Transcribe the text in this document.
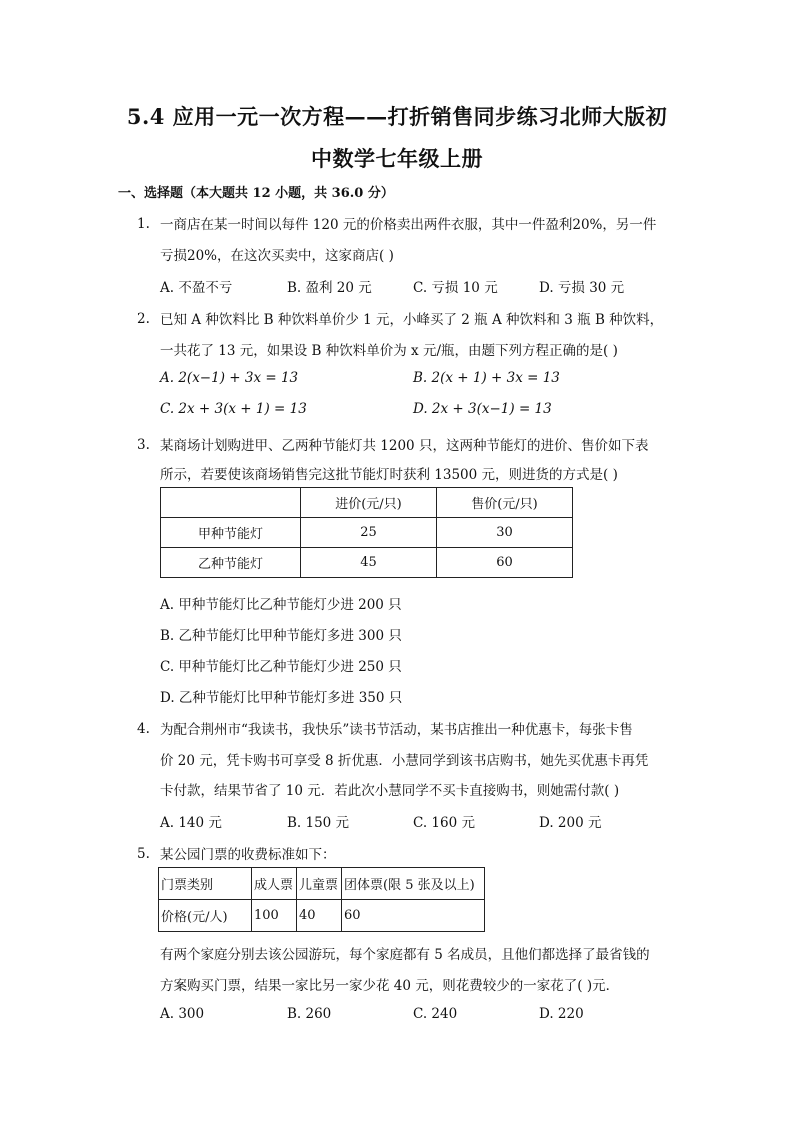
5.4 应用一元一次方程——打折销售同步练习北师大版初
中数学七年级上册
一、选择题（本大题共 12 小题，共 36.0 分）
1. 一商店在某一时间以每件 120 元的价格卖出两件衣服，其中一件盈利20%，另一件
亏损20%，在这次买卖中，这家商店( )
A. 不盈不亏	B. 盈利 20 元	C. 亏损 10 元	D. 亏损 30 元
2. 已知 A 种饮料比 B 种饮料单价少 1 元，小峰买了 2 瓶 A 种饮料和 3 瓶 B 种饮料，
一共花了 13 元，如果设 B 种饮料单价为 x 元/瓶，由题下列方程正确的是( )
A. 2(x−1) + 3x = 13	B. 2(x + 1) + 3x = 13
C. 2x + 3(x + 1) = 13	D. 2x + 3(x−1) = 13
3. 某商场计划购进甲、乙两种节能灯共 1200 只，这两种节能灯的进价、售价如下表
所示，若要使该商场销售完这批节能灯时获利 13500 元，则进货的方式是( )
	进价(元/只)	售价(元/只)
甲种节能灯	25	30
乙种节能灯	45	60
A. 甲种节能灯比乙种节能灯少进 200 只
B. 乙种节能灯比甲种节能灯多进 300 只
C. 甲种节能灯比乙种节能灯少进 250 只
D. 乙种节能灯比甲种节能灯多进 350 只
4. 为配合荆州市“我读书，我快乐”读书节活动，某书店推出一种优惠卡，每张卡售
价 20 元，凭卡购书可享受 8 折优惠．小慧同学到该书店购书，她先买优惠卡再凭
卡付款，结果节省了 10 元．若此次小慧同学不买卡直接购书，则她需付款( )
A. 140 元	B. 150 元	C. 160 元	D. 200 元
5. 某公园门票的收费标准如下：
门票类别	成人票	儿童票	团体票(限 5 张及以上)
价格(元/人)	100	40	60
有两个家庭分别去该公园游玩，每个家庭都有 5 名成员，且他们都选择了最省钱的
方案购买门票，结果一家比另一家少花 40 元，则花费较少的一家花了( )元．
A. 300	B. 260	C. 240	D. 220
